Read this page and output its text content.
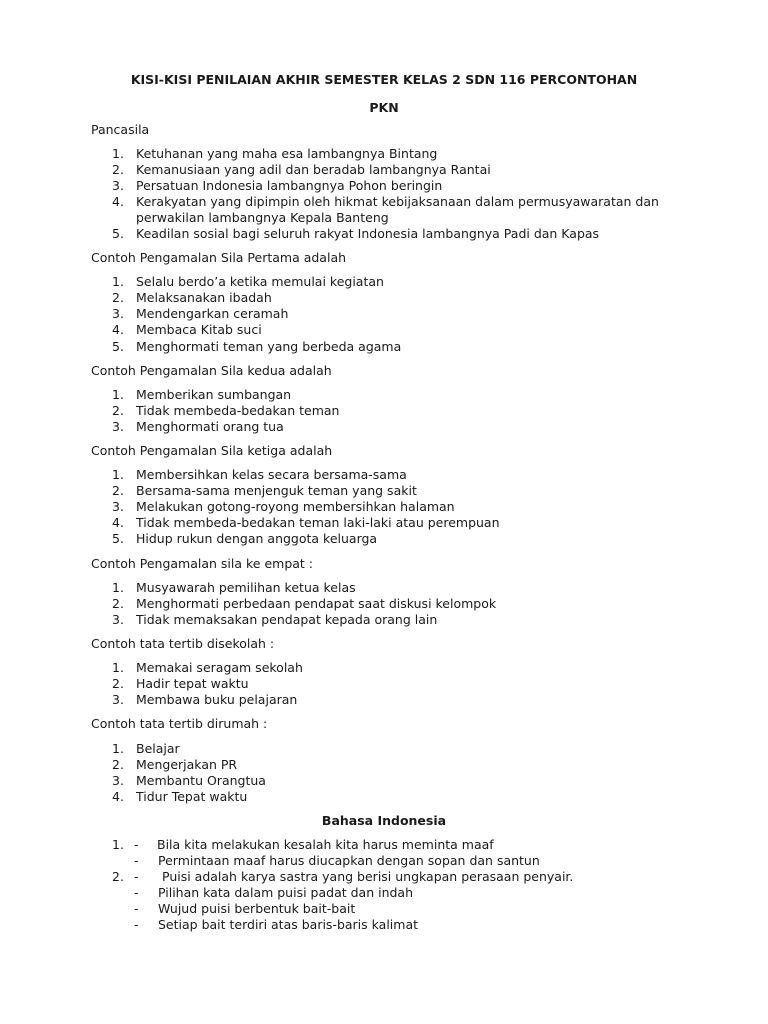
KISI-KISI PENILAIAN AKHIR SEMESTER KELAS 2 SDN 116 PERCONTOHAN
PKN
Pancasila
1. Ketuhanan yang maha esa lambangnya Bintang
2. Kemanusiaan yang adil dan beradab lambangnya Rantai
3. Persatuan Indonesia lambangnya Pohon beringin
4. Kerakyatan yang dipimpin oleh hikmat kebijaksanaan dalam permusyawaratan dan
perwakilan lambangnya Kepala Banteng
5. Keadilan sosial bagi seluruh rakyat Indonesia lambangnya Padi dan Kapas
Contoh Pengamalan Sila Pertama adalah
1. Selalu berdo’a ketika memulai kegiatan
2. Melaksanakan ibadah
3. Mendengarkan ceramah
4. Membaca Kitab suci
5. Menghormati teman yang berbeda agama
Contoh Pengamalan Sila kedua adalah
1. Memberikan sumbangan
2. Tidak membeda-bedakan teman
3. Menghormati orang tua
Contoh Pengamalan Sila ketiga adalah
1. Membersihkan kelas secara bersama-sama
2. Bersama-sama menjenguk teman yang sakit
3. Melakukan gotong-royong membersihkan halaman
4. Tidak membeda-bedakan teman laki-laki atau perempuan
5. Hidup rukun dengan anggota keluarga
Contoh Pengamalan sila ke empat :
1. Musyawarah pemilihan ketua kelas
2. Menghormati perbedaan pendapat saat diskusi kelompok
3. Tidak memaksakan pendapat kepada orang lain
Contoh tata tertib disekolah :
1. Memakai seragam sekolah
2. Hadir tepat waktu
3. Membawa buku pelajaran
Contoh tata tertib dirumah :
1. Belajar
2. Mengerjakan PR
3. Membantu Orangtua
4. Tidur Tepat waktu
Bahasa Indonesia
1. - Bila kita melakukan kesalah kita harus meminta maaf
- Permintaan maaf harus diucapkan dengan sopan dan santun
2. - Puisi adalah karya sastra yang berisi ungkapan perasaan penyair.
- Pilihan kata dalam puisi padat dan indah
- Wujud puisi berbentuk bait-bait
- Setiap bait terdiri atas baris-baris kalimat
